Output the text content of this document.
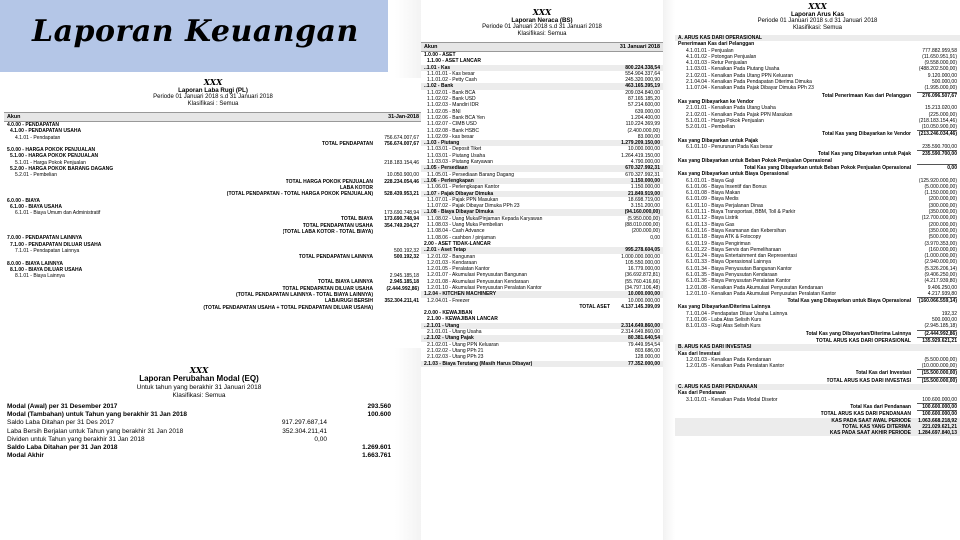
Laporan Keuangan
XXX
Laporan Laba Rugi (PL)
Periode 01 Januari 2018 s.d 31 Januari 2018
Klasifikasi : Semua
Akun	31-Jan-2018
4.0.00 - PENDAPATAN
4.1.00 - PENDAPATAN USAHA
4.1.01 - Pendapatan	756.674.007,67
TOTAL PENDAPATAN	756.674.007,67
5.0.00 - HARGA POKOK PENJUALAN
5.1.00 - HARGA POKOK PENJUALAN
5.1.01 - Harga Pokok Penjualan	218.183.154,46
5.2.00 - HARGA POKOK BARANG DAGANG
5.2.01 - Pembelian	10.050.900,00
TOTAL HARGA POKOK PENJUALAN	228.234.054,46
LABA KOTOR
(TOTAL PENDAPATAN - TOTAL HARGA POKOK PENJUALAN)	528.439.953,21
6.0.00 - BIAYA
6.1.00 - BIAYA USAHA
6.1.01 - Biaya Umum dan Administratif	173.690.748,94
TOTAL BIAYA	173.690.748,94
TOTAL PENDAPATAN USAHA	354.749.204,27
(TOTAL LABA KOTOR - TOTAL BIAYA)
7.0.00 - PENDAPATAN LAINNYA
7.1.00 - PENDAPATAN DILUAR USAHA
7.1.01 - Pendapatan Lainnya	500.192,32
TOTAL PENDAPATAN LAINNYA	500.192,32
8.0.00 - BIAYA LAINNYA
8.1.00 - BIAYA DILUAR USAHA
8.1.01 - Biaya Lainnya	2.945.185,18
TOTAL BIAYA LAINNYA	2.945.185,18
TOTAL PENDAPATAN DILUAR USAHA	(2.444.992,86)
(TOTAL PENDAPATAN LAINNYA - TOTAL BIAYA LAINNYA)
LABA/RUGI BERSIH	352.304.211,41
(TOTAL PENDAPATAN USAHA + TOTAL PENDAPATAN DILUAR USAHA)
XXX
Laporan Perubahan Modal (EQ)
Untuk tahun yang berakhir 31 Januari 2018
Klasifikasi: Semua
Modal (Awal) per 31 Desember 2017	293.560
Modal (Tambahan) untuk Tahun yang berakhir 31 Jan 2018	100.600
Saldo Laba Ditahan per 31 Des 2017	917.297.687,14
Laba Bersih Berjalan untuk Tahun yang berakhir 31 Jan 2018	352.304.211,41
Dividen untuk Tahun yang berakhir 31 Jan 2018	0,00
Saldo Laba Ditahan per 31 Jan 2018	1.269.601
Modal Akhir	1.663.761
XXX
Laporan Neraca (BS)
Periode 01 Januari 2018 s.d 31 Januari 2018
Klasifikasi: Semua
Akun	31 Januari 2018
1.0.00 - ASET
1.1.00 - ASET LANCAR
..1.01 - Kas	800.224.338,54
1.1.01.01 - Kas besar	554.904.337,64
1.1.01.02 - Petty Cash	245.320.000,90
..1.02 - Bank	463.165.395,19
1.1.02.01 - Bank BCA	209.034.840,00
1.1.02.02 - Bank USD	87.165.185,20
1.1.02.03 - Mandiri IDR	57.214.600,00
1.1.02.05 - BNI	639.000,00
1.1.02.06 - Bank BCA Yen	1.204.400,00
1.1.02.07 - CIMB USD	110.224.369,99
1.1.02.08 - Bank HSBC	(2.400.000,00)
1.1.02.09 - kas besar	83.000,00
..1.03 - Piutang	1.279.209.150,00
1.1.03.01 - Deposit Tiket	10.000.000,00
1.1.03.01 - Piutang Usaha	1.264.419.150,00
1.1.03.03 - Piutang Karyawan	4.790.000,00
..1.05 - Persediaan	670.327.992,31
1.1.05.01 - Persediaan Barang Dagang	670.327.992,31
..1.06 - Perlengkapan	1.150.000,00
1.1.06.01 - Perlengkapan Kantor	1.150.000,00
..1.07 - Pajak Dibayar Dimuka	21.849.919,00
1.1.07.01 - Pajak PPN Masukan	18.698.719,00
1.1.07.02 - Pajak Dibayar Dimuka PPh 23	3.151.200,00
..1.08 - Biaya Dibayar Dimuka	(94.160.000,00)
1.1.08.02 - Uang Muka/Pinjaman Kepada Karyawan	(5.950.000,00)
1.1.08.03 - Uang Muka Pembelian	(88.010.000,00)
1.1.08.04 - Cash Advance	(200.000,00)
1.1.08.06 - cashbon / pinjaman	0,00
2.00 - ASET TIDAK-LANCAR
..2.01 - Aset Tetap	995.278.604,05
1.2.01.02 - Bangunan	1.000.000.000,00
1.2.01.03 - Kendaraan	105.550.000,00
1.2.01.05 - Peralatan Kantor	16.779.000,00
1.2.01.07 - Akumulasi Penyusutan Bangunan	(36.692.872,81)
1.2.01.08 - Akumulasi Penyusutan Kendaraan	(55.760.416,66)
1.2.01.10 - Akumulasi Penyusutan Peralatan Kantor	(34.797.106,48)
1.2.04 - KITCHEN MACHINERY	10.000.000,00
1.2.04.01 - Freezer	10.000.000,00
TOTAL ASET	4.137.145.399,09
2.0.00 - KEWAJIBAN
2.1.00 - KEWAJIBAN LANCAR
..2.1.01 - Utang	2.314.649.860,00
2.1.01.01 - Utang Usaha	2.314.649.860,00
..2.1.02 - Utang Pajak	80.381.640,54
2.1.02.01 - Utang PPN Keluaran	79.449.954,54
2.1.02.02 - Utang PPh 21	803.686,00
2.1.02.03 - Utang PPh 23	128.000,00
2.1.03 - Biaya Terutang (Masih Harus Dibayar)	77.352.000,00
XXX
Laporan Arus Kas
Periode 01 Januari 2018 s.d 31 Januari 2018
Klasifikasi: Semua
A. ARUS KAS DARI OPERASIONAL
Penerimaan Kas dari Pelanggan
4.1.01.01 - Penjualan	777.882.959,58
4.1.01.02 - Potongan Penjualan	(11.650.951,91)
4.1.01.03 - Retur Penjualan	(9.558.000,00)
1.1.03.01 - Kenaikan Pada Piutang Usaha	(488.202.500,00)
2.1.02.01 - Kenaikan Pada Utang PPN Keluaran	9.120.000,00
2.1.04.04 - Kenaikan Pada Pendapatan Diterima Dimuka	500.000,00
1.1.07.04 - Kenaikan Pada Pajak Dibayar Dimuka PPh 23	(1.995.000,00)
Total Penerimaan Kas dari Pelanggan	276.096.507,67
Kas yang Dibayarkan ke Vendor
2.1.01.01 - Kenaikan Pada Utang Usaha	15.213.020,00
2.1.02.01 - Kenaikan Pada Pajak PPN Masukan	(225.000,00)
5.1.01.01 - Harga Pokok Penjualan	(218.183.154,46)
5.2.01.01 - Pembelian	(10.050.900,00)
Total Kas yang Dibayarkan ke Vendor	(213.246.034,46)
Kas yang Dibayarkan untuk Pajak
6.1.01.10 - Penurunan Pada Kas besar	235.590.700,00
Total Kas yang Dibayarkan untuk Pajak	235.590.700,00
Kas yang Dibayarkan untuk Beban Pokok Penjualan Operasional
Total Kas yang Dibayarkan untuk Beban Pokok Penjualan Operasional	0,00
Kas yang Dibayarkan untuk Biaya Operasional
6.1.01.01 - Biaya Gaji	(125.920.000,00)
6.1.01.06 - Biaya Insentif dan Bonus	(5.000.000,00)
6.1.01.08 - Biaya Makan	(1.150.000,00)
6.1.01.09 - Biaya Medis	(200.000,00)
6.1.01.10 - Biaya Perjalanan Dinas	(300.000,00)
6.1.01.11 - Biaya Transportasi, BBM, Toll & Parkir	(350.000,00)
6.1.01.12 - Biaya Listrik	(12.700.000,00)
6.1.01.13 - Biaya Gas	(200.000,00)
6.1.01.16 - Biaya Keamanan dan Kebersihan	(350.000,00)
6.1.01.18 - Biaya ATK & Fotocopy	(500.000,00)
6.1.01.19 - Biaya Pengiriman	(3.970.353,00)
6.1.01.22 - Biaya Servis dan Pemeliharaan	(160.000,00)
6.1.01.24 - Biaya Entertainment dan Representasi	(1.000.000,00)
6.1.01.33 - Biaya Operasional Lainnya	(2.940.000,00)
6.1.01.34 - Biaya Penyusutan Bangunan Kantor	(5.326.206,14)
6.1.01.35 - Biaya Penyusutan Kendaraan	(9.406.250,00)
6.1.01.36 - Biaya Penyusutan Peralatan Kantor	(4.217.939,80)
1.2.01.08 - Kenaikan Pada Akumulasi Penyusutan Kendaraan	9.406.250,00
1.2.01.10 - Kenaikan Pada Akumulasi Penyusutan Peralatan Kantor	4.217.939,80
Total Kas yang Dibayarkan untuk Biaya Operasional	(160.066.559,14)
Kas yang Dibayarkan/Diterima Lainnya
7.1.01.04 - Pendapatan Diluar Usaha Lainnya	192,32
7.1.01.06 - Laba Atas Selisih Kurs	500.000,00
8.1.01.03 - Rugi Atas Selisih Kurs	(2.945.185,18)
Total Kas yang Dibayarkan/Diterima Lainnya	(2.444.992,86)
TOTAL ARUS KAS DARI OPERASIONAL	135.929.621,21
B. ARUS KAS DARI INVESTASI
Kas dari Investasi
1.2.01.03 - Kenaikan Pada Kendaraan	(5.500.000,00)
1.2.01.05 - Kenaikan Pada Peralatan Kantor	(10.000.000,00)
Total Kas dari Investasi	(15.500.000,00)
TOTAL ARUS KAS DARI INVESTASI	(15.500.000,00)
C. ARUS KAS DARI PENDANAAN
Kas dari Pendanaan
3.1.01.01 - Kenaikan Pada Modal Disetor	100.600.000,00
Total Kas dari Pendanaan	100.600.000,00
TOTAL ARUS KAS DARI PENDANAAN	100.600.000,00
KAS PADA SAAT AWAL PERIODE 1.063.668.218,92
TOTAL KAS YANG DITERIMA	221.029.621,21
KAS PADA SAAT AKHIR PERIODE 1.284.697.840,13
